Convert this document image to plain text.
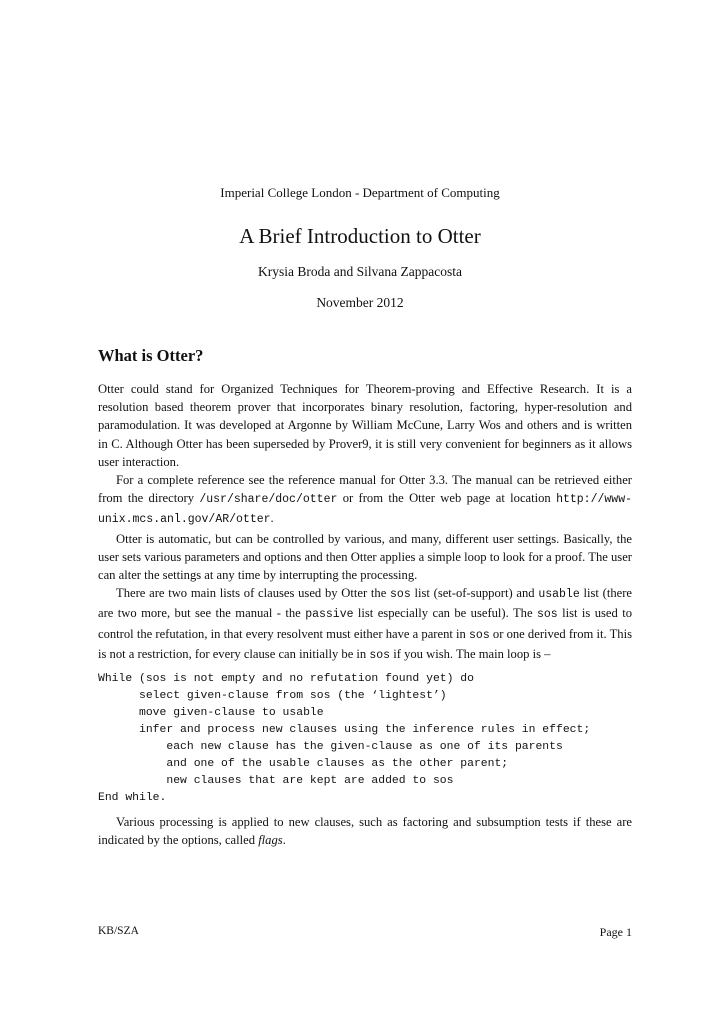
Imperial College London - Department of Computing
A Brief Introduction to Otter
Krysia Broda and Silvana Zappacosta
November 2012
What is Otter?

Otter could stand for Organized Techniques for Theorem-proving and Effective Research. It is a resolution based theorem prover that incorporates binary resolution, factoring, hyper-resolution and paramodulation. It was developed at Argonne by William McCune, Larry Wos and others and is written in C. Although Otter has been superseded by Prover9, it is still very convenient for beginners as it allows user interaction.

For a complete reference see the reference manual for Otter 3.3. The manual can be retrieved either from the directory /usr/share/doc/otter or from the Otter web page at location http://www-unix.mcs.anl.gov/AR/otter.

Otter is automatic, but can be controlled by various, and many, different user settings. Basically, the user sets various parameters and options and then Otter applies a simple loop to look for a proof. The user can alter the settings at any time by interrupting the processing.

There are two main lists of clauses used by Otter the sos list (set-of-support) and usable list (there are two more, but see the manual - the passive list especially can be useful). The sos list is used to control the refutation, in that every resolvent must either have a parent in sos or one derived from it. This is not a restriction, for every clause can initially be in sos if you wish. The main loop is –

While (sos is not empty and no refutation found yet) do
select given-clause from sos (the ‘lightest’)
move given-clause to usable
infer and process new clauses using the inference rules in effect;
each new clause has the given-clause as one of its parents
and one of the usable clauses as the other parent;
new clauses that are kept are added to sos
End while.

Various processing is applied to new clauses, such as factoring and subsumption tests if these are indicated by the options, called flags.

KB/SZA	Page 1
